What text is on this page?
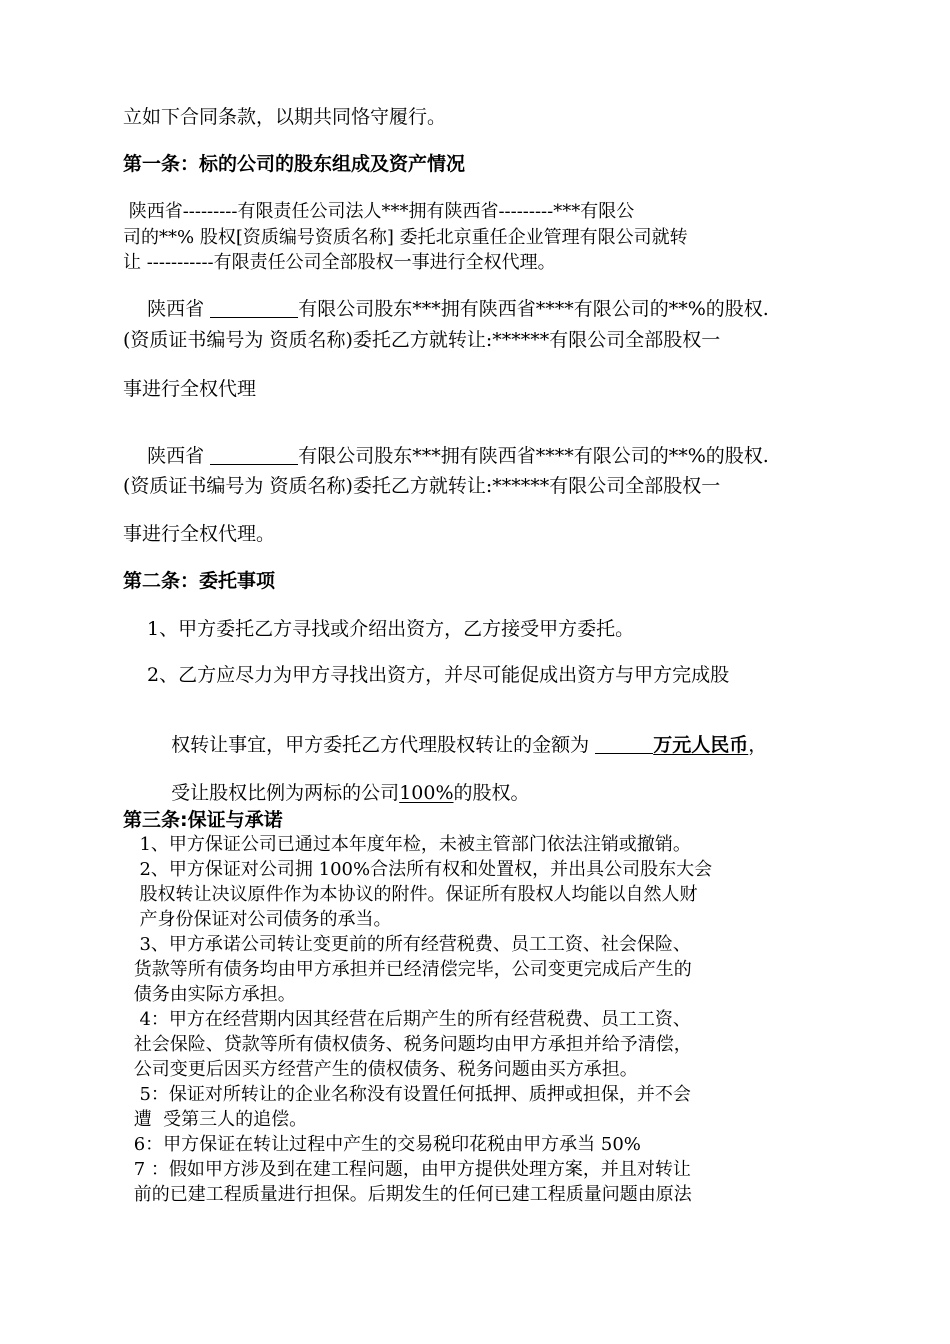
立如下合同条款，以期共同恪守履行。
第一条：标的公司的股东组成及资产情况
陕西省---------有限责任公司法人***拥有陕西省---------***有限公
司的**% 股权[资质编号资质名称] 委托北京重任企业管理有限公司就转
让 -----------有限责任公司全部股权一事进行全权代理。

陕西省	有限公司股东***拥有陕西省****有限公司的**%的股权.

(资质证书编号为 资质名称)委托乙方就转让:******有限公司全部股权一
事进行全权代理

陕西省	有限公司股东***拥有陕西省****有限公司的**%的股权.

(资质证书编号为 资质名称)委托乙方就转让:******有限公司全部股权一
事进行全权代理。
第二条：委托事项
1、甲方委托乙方寻找或介绍出资方，乙方接受甲方委托。
2、乙方应尽力为甲方寻找出资方，并尽可能促成出资方与甲方完成股

权转让事宜，甲方委托乙方代理股权转让的金额为	万元人民币，

受让股权比例为两标的公司100%的股权。

第三条:保证与承诺
1、甲方保证公司已通过本年度年检，未被主管部门依法注销或撤销。
2、甲方保证对公司拥 100%合法所有权和处置权，并出具公司股东大会
股权转让决议原件作为本协议的附件。保证所有股权人均能以自然人财
产身份保证对公司债务的承当。
3、甲方承诺公司转让变更前的所有经营税费、员工工资、社会保险、
货款等所有债务均由甲方承担并已经清偿完毕，公司变更完成后产生的
债务由实际方承担。
4：甲方在经营期内因其经营在后期产生的所有经营税费、员工工资、
社会保险、贷款等所有债权债务、税务问题均由甲方承担并给予清偿，
公司变更后因买方经营产生的债权债务、税务问题由买方承担。
5：保证对所转让的企业名称没有设置任何抵押、质押或担保，并不会
遭  受第三人的追偿。
6：甲方保证在转让过程中产生的交易税印花税由甲方承当 50%
7 ：假如甲方涉及到在建工程问题，由甲方提供处理方案，并且对转让
前的已建工程质量进行担保。后期发生的任何已建工程质量问题由原法
